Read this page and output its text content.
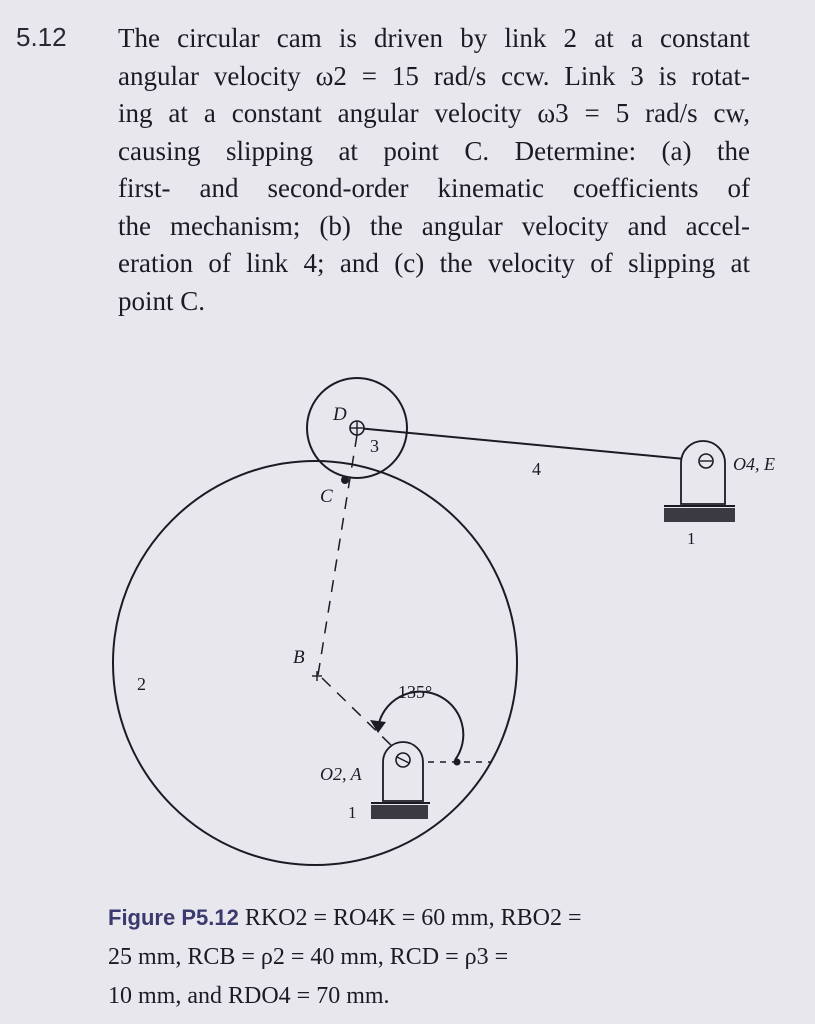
5.12 The circular cam is driven by link 2 at a constant
angular velocity ω2 = 15 rad/s ccw. Link 3 is rotat-
ing at a constant angular velocity ω3 = 5 rad/s cw,
causing slipping at point C. Determine: (a) the
first- and second-order kinematic coefficients of
the mechanism; (b) the angular velocity and accel-
eration of link 4; and (c) the velocity of slipping at
point C.
D
3
4	O4, E
1
C
B
2	135°
O2, A
1
Figure P5.12 RKO2 = RO4K = 60 mm, RBO2 =
25 mm, RCB = ρ2 = 40 mm, RCD = ρ3 =
10 mm, and RDO4 = 70 mm.
